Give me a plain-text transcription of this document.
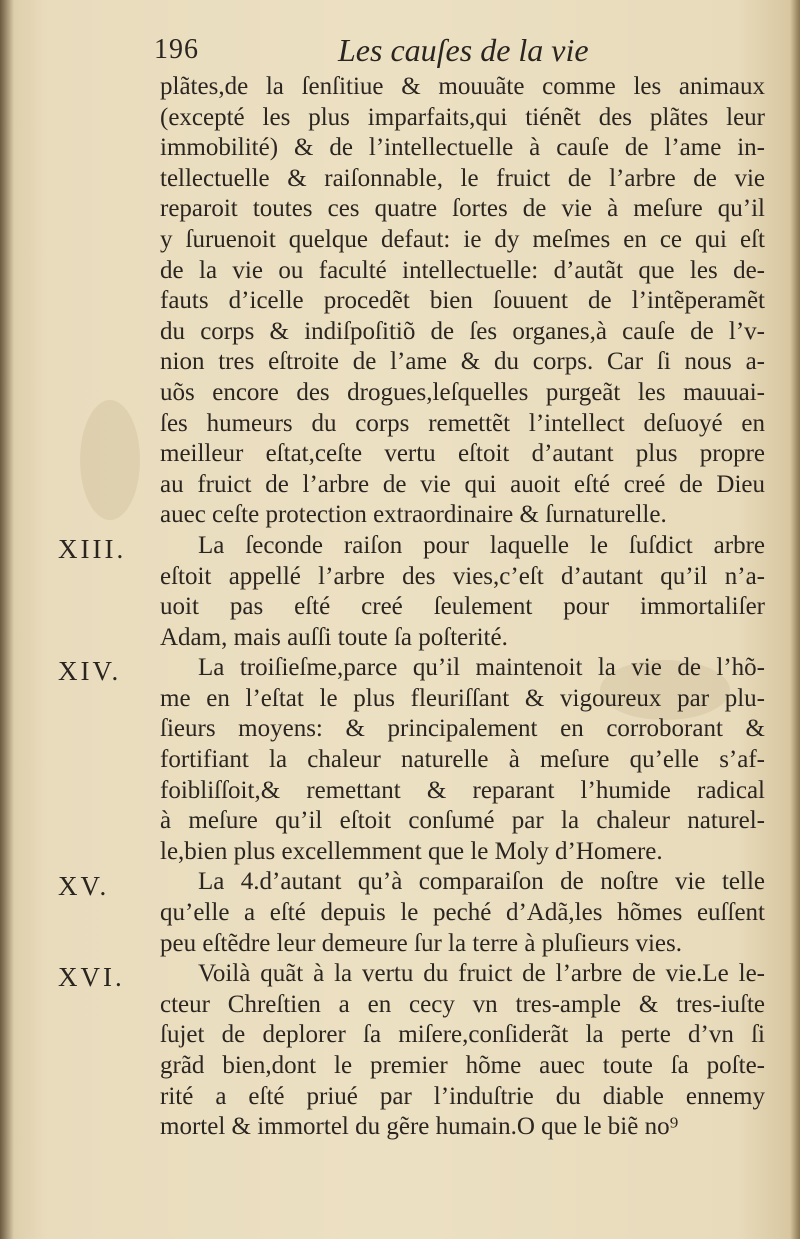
196	Les cauſes de la vie
plãtes,de la ſenſitiue & mouuãte comme les animaux
(excepté les plus imparfaits,qui tiénẽt des plãtes leur
immobilité) & de l’intellectuelle à cauſe de l’ame in-
tellectuelle & raiſonnable, le fruict de l’arbre de vie
reparoit toutes ces quatre ſortes de vie à meſure qu’il
y ſuruenoit quelque defaut: ie dy meſmes en ce qui eſt
de la vie ou faculté intellectuelle: d’autãt que les de-
fauts d’icelle procedẽt bien ſouuent de l’intẽperamẽt
du corps & indiſpoſitiõ de ſes organes,à cauſe de l’v-
nion tres eſtroite de l’ame & du corps. Car ſi nous a-
uõs encore des drogues,leſquelles purgeãt les mauuai-
ſes humeurs du corps remettẽt l’intellect deſuoyé en
meilleur eſtat,ceſte vertu eſtoit d’autant plus propre
au fruict de l’arbre de vie qui auoit eſté creé de Dieu
auec ceſte protection extraordinaire & ſurnaturelle.
La ſeconde raiſon pour laquelle le ſuſdict arbre
eſtoit appellé l’arbre des vies,c’eſt d’autant qu’il n’a-
uoit pas eſté creé ſeulement pour immortaliſer
Adam, mais auſſi toute ſa poſterité.
La troiſieſme,parce qu’il maintenoit la vie de l’hõ-
me en l’eſtat le plus fleuriſſant & vigoureux par plu-
ſieurs moyens: & principalement en corroborant &
fortifiant la chaleur naturelle à meſure qu’elle s’af-
foibliſſoit,& remettant & reparant l’humide radical
à meſure qu’il eſtoit conſumé par la chaleur naturel-
le,bien plus excellemment que le Moly d’Homere.
La 4.d’autant qu’à comparaiſon de noſtre vie telle
qu’elle a eſté depuis le peché d’Adã,les hõmes euſſent
peu eſtẽdre leur demeure ſur la terre à pluſieurs vies.
Voilà quãt à la vertu du fruict de l’arbre de vie.Le le-
cteur Chreſtien a en cecy vn tres-ample & tres-iuſte
ſujet de deplorer ſa miſere,conſiderãt la perte d’vn ſi
grãd bien,dont le premier hõme auec toute ſa poſte-
rité a eſté priué par l’induſtrie du diable ennemy
mortel & immortel du gẽre humain.O que le biẽ no⁹
XIII.
XIV.
XV.
XVI.
